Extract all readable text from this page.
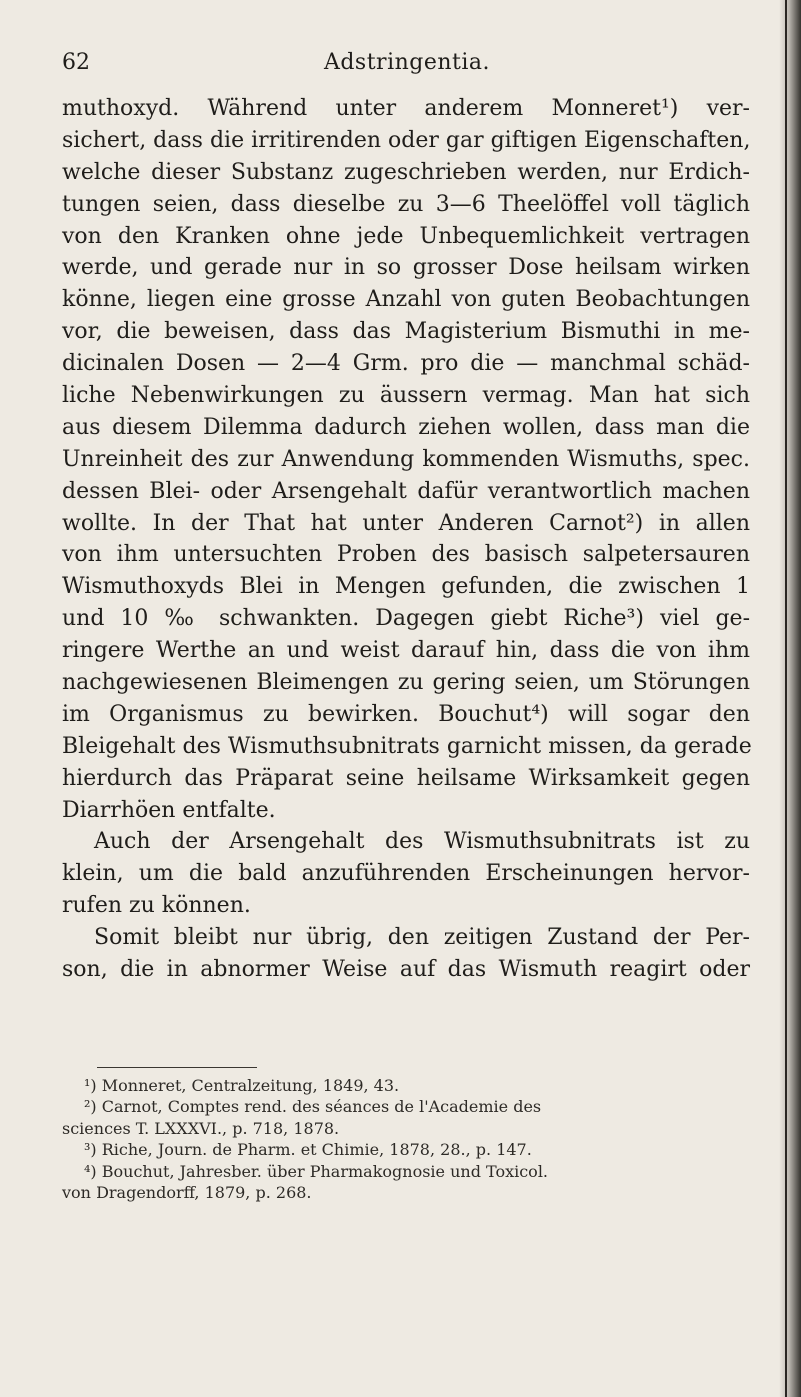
62	Adstringentia.
muthoxyd. Während unter anderem Monneret¹) ver-
sichert, dass die irritirenden oder gar giftigen Eigenschaften,
welche dieser Substanz zugeschrieben werden, nur Erdich-
tungen seien, dass dieselbe zu 3—6 Theelöffel voll täglich
von den Kranken ohne jede Unbequemlichkeit vertragen
werde, und gerade nur in so grosser Dose heilsam wirken
könne, liegen eine grosse Anzahl von guten Beobachtungen
vor, die beweisen, dass das Magisterium Bismuthi in me-
dicinalen Dosen — 2—4 Grm. pro die — manchmal schäd-
liche Nebenwirkungen zu äussern vermag. Man hat sich
aus diesem Dilemma dadurch ziehen wollen, dass man die
Unreinheit des zur Anwendung kommenden Wismuths, spec.
dessen Blei- oder Arsengehalt dafür verantwortlich machen
wollte. In der That hat unter Anderen Carnot²) in allen
von ihm untersuchten Proben des basisch salpetersauren
Wismuthoxyds Blei in Mengen gefunden, die zwischen 1
und 10 ‰ schwankten. Dagegen giebt Riche³) viel ge-
ringere Werthe an und weist darauf hin, dass die von ihm
nachgewiesenen Bleimengen zu gering seien, um Störungen
im Organismus zu bewirken. Bouchut⁴) will sogar den
Bleigehalt des Wismuthsubnitrats garnicht missen, da gerade
hierdurch das Präparat seine heilsame Wirksamkeit gegen
Diarrhöen entfalte.
Auch der Arsengehalt des Wismuthsubnitrats ist zu
klein, um die bald anzuführenden Erscheinungen hervor-
rufen zu können.
Somit bleibt nur übrig, den zeitigen Zustand der Per-
son, die in abnormer Weise auf das Wismuth reagirt oder
¹) Monneret, Centralzeitung, 1849, 43.
²) Carnot, Comptes rend. des séances de l'Academie des
sciences T. LXXXVI., p. 718, 1878.
³) Riche, Journ. de Pharm. et Chimie, 1878, 28., p. 147.
⁴) Bouchut, Jahresber. über Pharmakognosie und Toxicol.
von Dragendorff, 1879, p. 268.
